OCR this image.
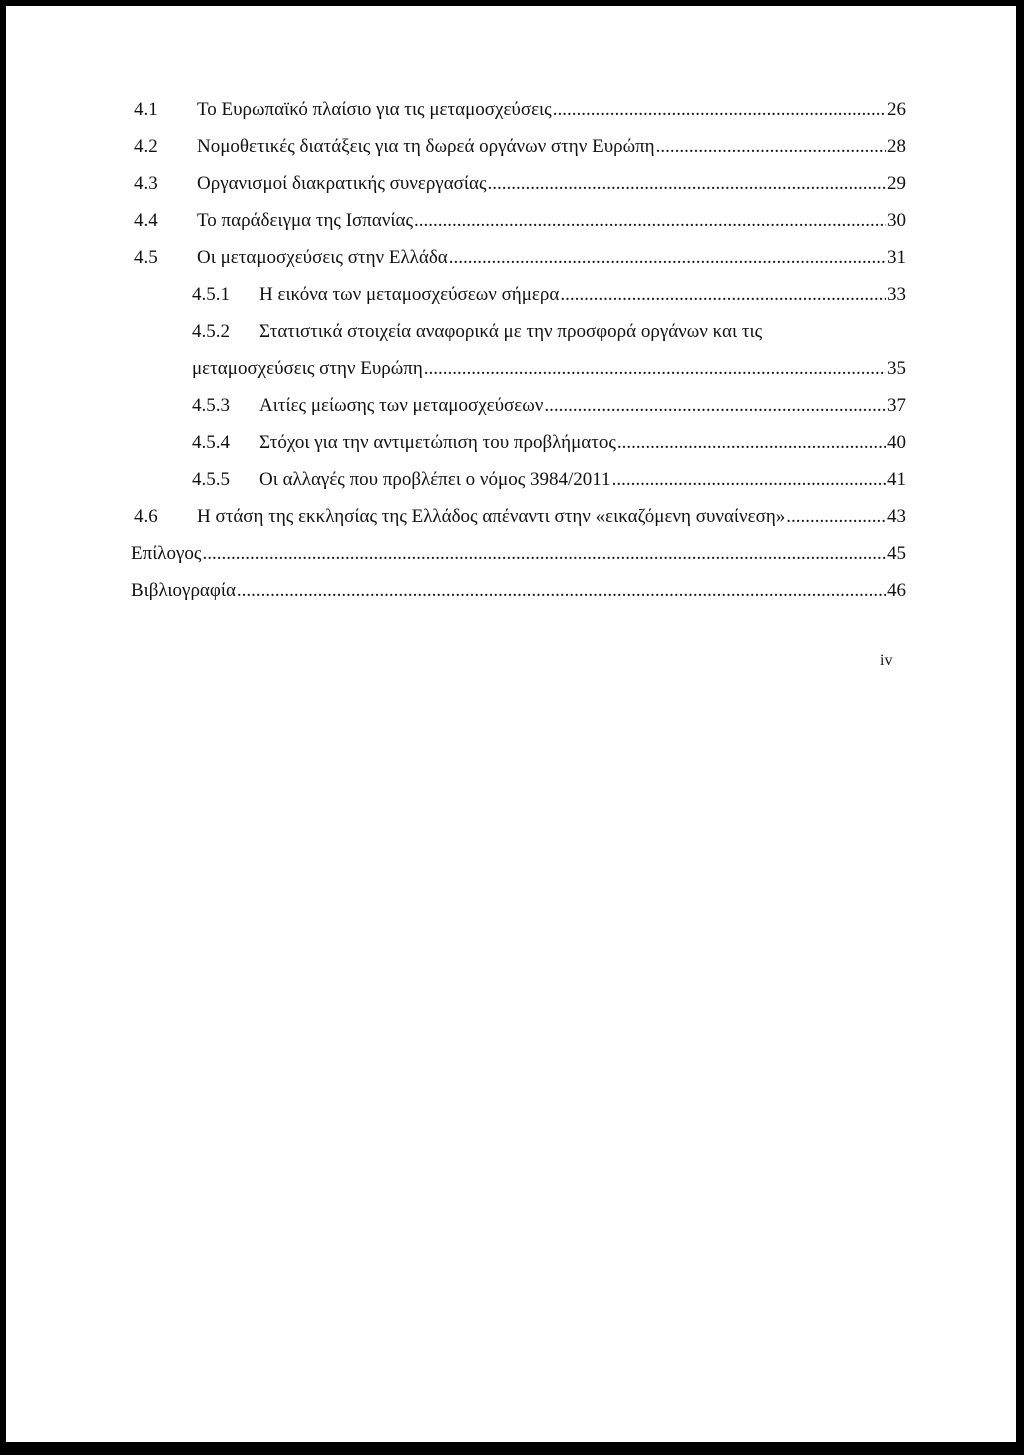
4.1 Το Ευρωπαϊκό πλαίσιο για τις μεταμοσχεύσεις .....	26
4.2 Νομοθετικές διατάξεις για τη δωρεά οργάνων στην Ευρώπη .....	28
4.3 Οργανισμοί διακρατικής συνεργασίας .....	29
4.4 Το παράδειγμα της Ισπανίας .....	30
4.5 Οι μεταμοσχεύσεις στην Ελλάδα .....	31
4.5.1 Η εικόνα των μεταμοσχεύσεων σήμερα .....	33
4.5.2 Στατιστικά στοιχεία αναφορικά με την προσφορά οργάνων και τις
μεταμοσχεύσεις στην Ευρώπη .....	35
4.5.3 Αιτίες μείωσης των μεταμοσχεύσεων .....	37
4.5.4 Στόχοι για την αντιμετώπιση του προβλήματος .....	40
4.5.5 Οι αλλαγές που προβλέπει ο νόμος 3984/2011 .....	41
4.6 Η στάση της εκκλησίας της Ελλάδος απέναντι στην «εικαζόμενη συναίνεση» .....	43
Επίλογος .....	45
Βιβλιογραφία .....	46
iv
